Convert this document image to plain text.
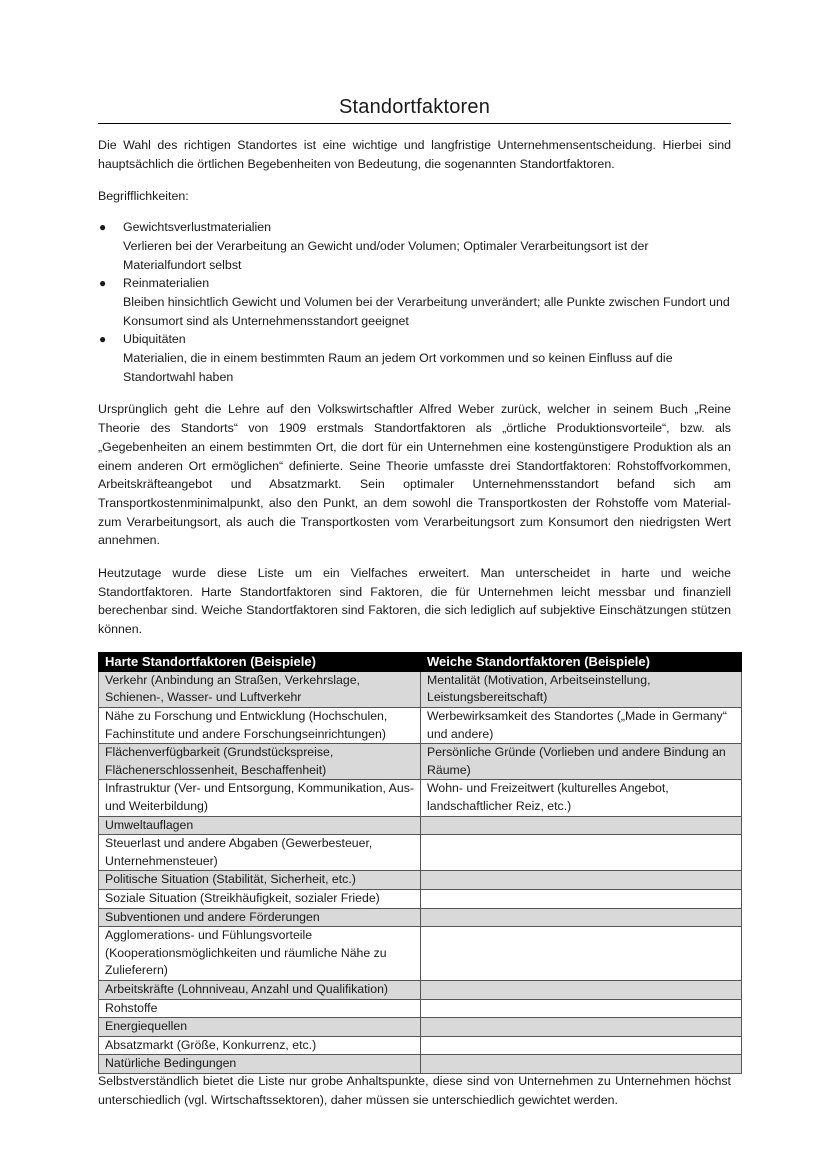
Standortfaktoren

Die Wahl des richtigen Standortes ist eine wichtige und langfristige Unternehmensentscheidung. Hierbei sind hauptsächlich die örtlichen Begebenheiten von Bedeutung, die sogenannten Standortfaktoren.

Begrifflichkeiten:
● Gewichtsverlustmaterialien
Verlieren bei der Verarbeitung an Gewicht und/oder Volumen; Optimaler Verarbeitungsort ist der Materialfundort selbst
● Reinmaterialien
Bleiben hinsichtlich Gewicht und Volumen bei der Verarbeitung unverändert; alle Punkte zwischen Fundort und Konsumort sind als Unternehmensstandort geeignet
● Ubiquitäten
Materialien, die in einem bestimmten Raum an jedem Ort vorkommen und so keinen Einfluss auf die Standortwahl haben

Ursprünglich geht die Lehre auf den Volkswirtschaftler Alfred Weber zurück, welcher in seinem Buch „Reine Theorie des Standorts“ von 1909 erstmals Standortfaktoren als „örtliche Produktionsvorteile“, bzw. als „Gegebenheiten an einem bestimmten Ort, die dort für ein Unternehmen eine kostengünstigere Produktion als an einem anderen Ort ermöglichen“ definierte. Seine Theorie umfasste drei Standortfaktoren: Rohstoffvorkommen, Arbeitskräfteangebot und Absatzmarkt. Sein optimaler Unternehmensstandort befand sich am Transportkostenminimalpunkt, also den Punkt, an dem sowohl die Transportkosten der Rohstoffe vom Material- zum Verarbeitungsort, als auch die Transportkosten vom Verarbeitungsort zum Konsumort den niedrigsten Wert annehmen.

Heutzutage wurde diese Liste um ein Vielfaches erweitert. Man unterscheidet in harte und weiche Standortfaktoren. Harte Standortfaktoren sind Faktoren, die für Unternehmen leicht messbar und finanziell berechenbar sind. Weiche Standortfaktoren sind Faktoren, die sich lediglich auf subjektive Einschätzungen stützen können.

Harte Standortfaktoren (Beispiele)	Weiche Standortfaktoren (Beispiele)
Verkehr (Anbindung an Straßen, Verkehrslage, Schienen-, Wasser- und Luftverkehr	Mentalität (Motivation, Arbeitseinstellung, Leistungsbereitschaft)
Nähe zu Forschung und Entwicklung (Hochschulen, Fachinstitute und andere Forschungseinrichtungen)	Werbewirksamkeit des Standortes („Made in Germany“ und andere)
Flächenverfügbarkeit (Grundstückspreise, Flächenerschlossenheit, Beschaffenheit)	Persönliche Gründe (Vorlieben und andere Bindung an Räume)
Infrastruktur (Ver- und Entsorgung, Kommunikation, Aus- und Weiterbildung)	Wohn- und Freizeitwert (kulturelles Angebot, landschaftlicher Reiz, etc.)
Umweltauflagen	
Steuerlast und andere Abgaben (Gewerbesteuer, Unternehmensteuer)	
Politische Situation (Stabilität, Sicherheit, etc.)	
Soziale Situation (Streikhäufigkeit, sozialer Friede)	
Subventionen und andere Förderungen	
Agglomerations- und Fühlungsvorteile (Kooperationsmöglichkeiten und räumliche Nähe zu Zulieferern)	
Arbeitskräfte (Lohnniveau, Anzahl und Qualifikation)	
Rohstoffe	
Energiequellen	
Absatzmarkt (Größe, Konkurrenz, etc.)	
Natürliche Bedingungen	

Selbstverständlich bietet die Liste nur grobe Anhaltspunkte, diese sind von Unternehmen zu Unternehmen höchst unterschiedlich (vgl. Wirtschaftssektoren), daher müssen sie unterschiedlich gewichtet werden.
